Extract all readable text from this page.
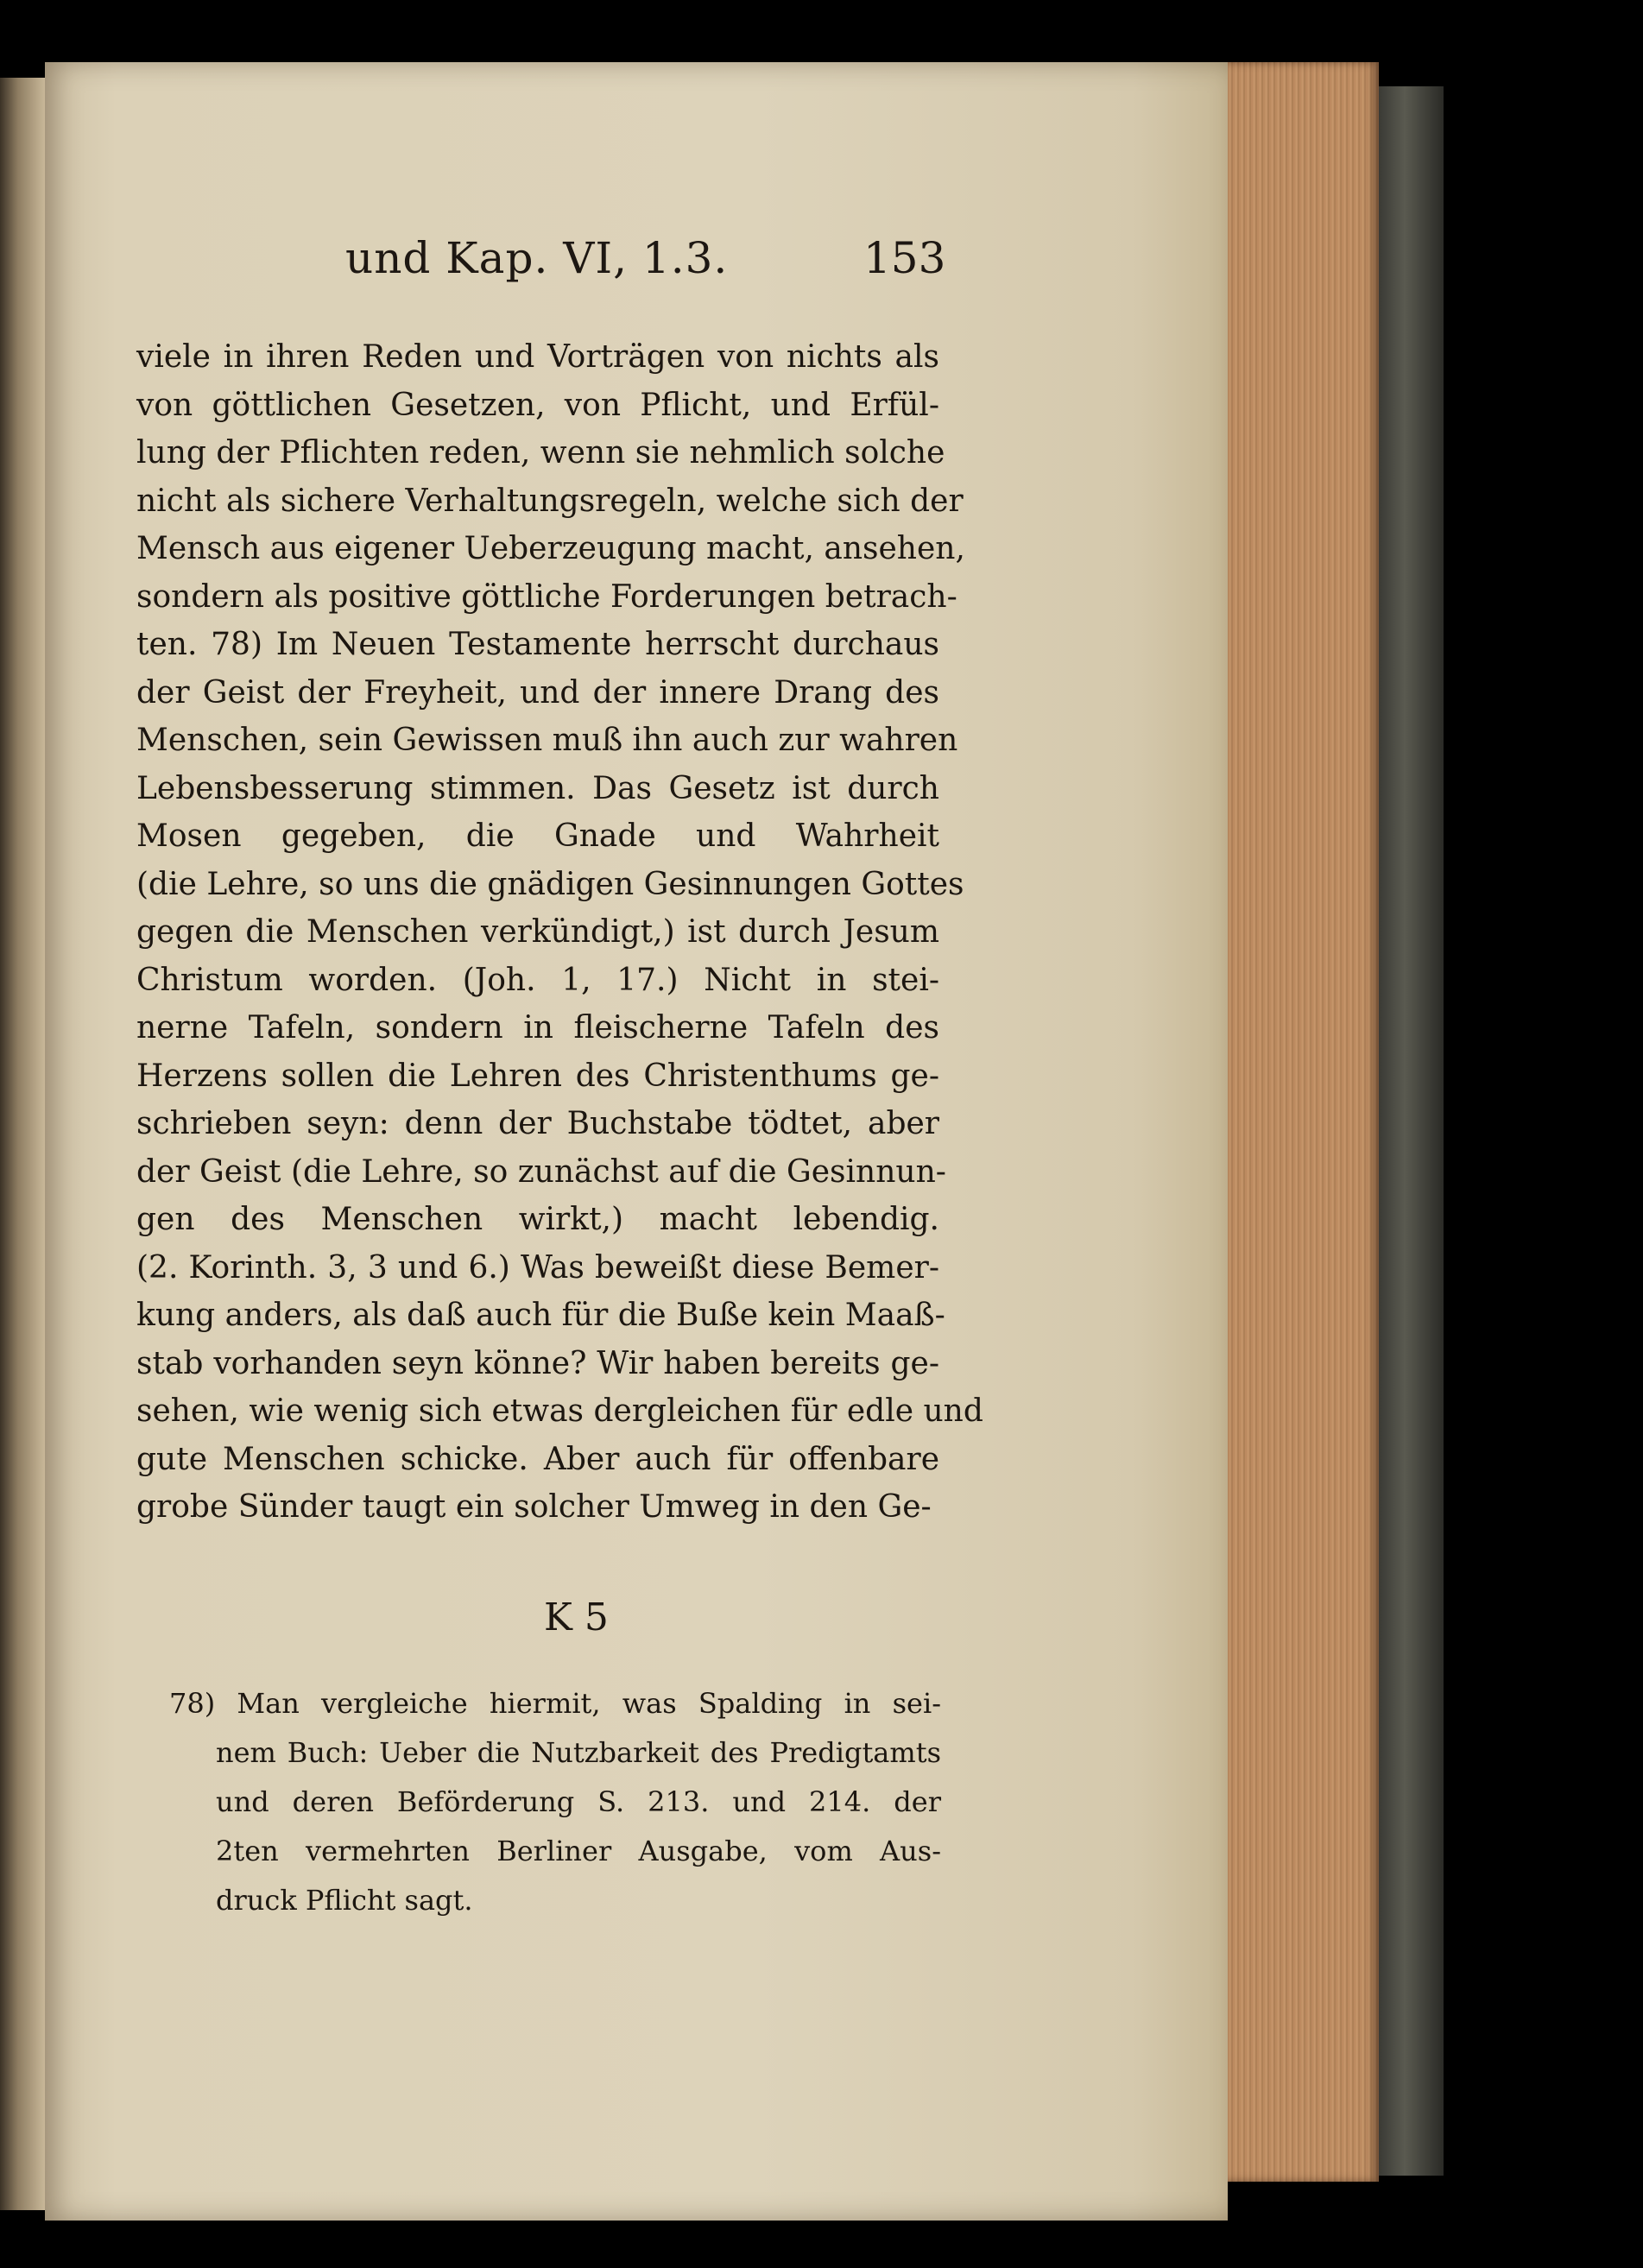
und Kap. VI, 1.3.	153
viele in ihren Reden und Vorträgen von nichts als
von göttlichen Gesetzen, von Pflicht, und Erfül-
lung der Pflichten reden, wenn sie nehmlich solche
nicht als sichere Verhaltungsregeln, welche sich der
Mensch aus eigener Ueberzeugung macht, ansehen,
sondern als positive göttliche Forderungen betrach-
ten. 78) Im Neuen Testamente herrscht durchaus
der Geist der Freyheit, und der innere Drang des
Menschen, sein Gewissen muß ihn auch zur wahren
Lebensbesserung stimmen. Das Gesetz ist durch
Mosen gegeben, die Gnade und Wahrheit
(die Lehre, so uns die gnädigen Gesinnungen Gottes
gegen die Menschen verkündigt,) ist durch Jesum
Christum worden. (Joh. 1, 17.) Nicht in stei-
nerne Tafeln, sondern in fleischerne Tafeln des
Herzens sollen die Lehren des Christenthums ge-
schrieben seyn: denn der Buchstabe tödtet, aber
der Geist (die Lehre, so zunächst auf die Gesinnun-
gen des Menschen wirkt,) macht lebendig.
(2. Korinth. 3, 3 und 6.) Was beweißt diese Bemer-
kung anders, als daß auch für die Buße kein Maaß-
stab vorhanden seyn könne? Wir haben bereits ge-
sehen, wie wenig sich etwas dergleichen für edle und
gute Menschen schicke. Aber auch für offenbare
grobe Sünder taugt ein solcher Umweg in den Ge-
K 5
78) Man vergleiche hiermit, was Spalding in sei-
nem Buch: Ueber die Nutzbarkeit des Predigtamts
und deren Beförderung S. 213. und 214. der
2ten vermehrten Berliner Ausgabe, vom Aus-
druck Pflicht sagt.
